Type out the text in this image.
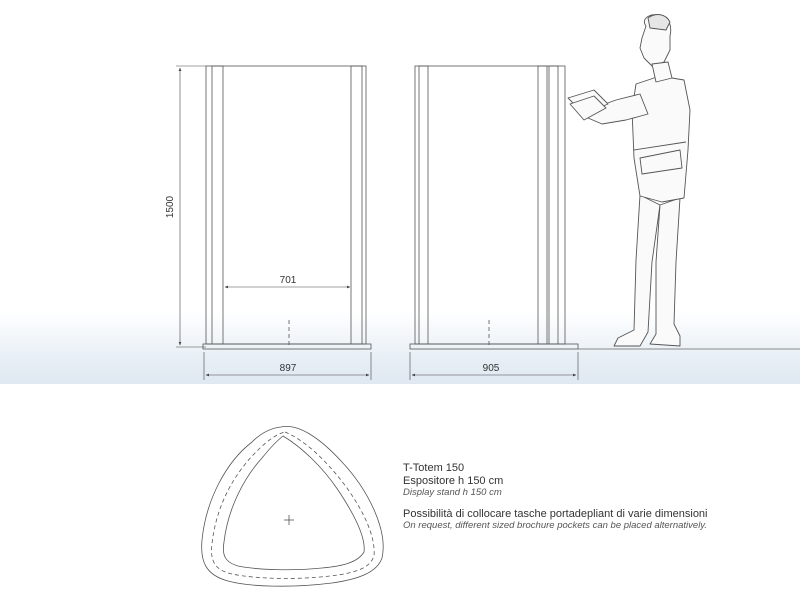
1500
701
897	905
T-Totem 150
Espositore h 150 cm
Display stand h 150 cm
Possibilità di collocare tasche portadepliant di varie dimensioni
On request, different sized brochure pockets can be placed alternatively.
